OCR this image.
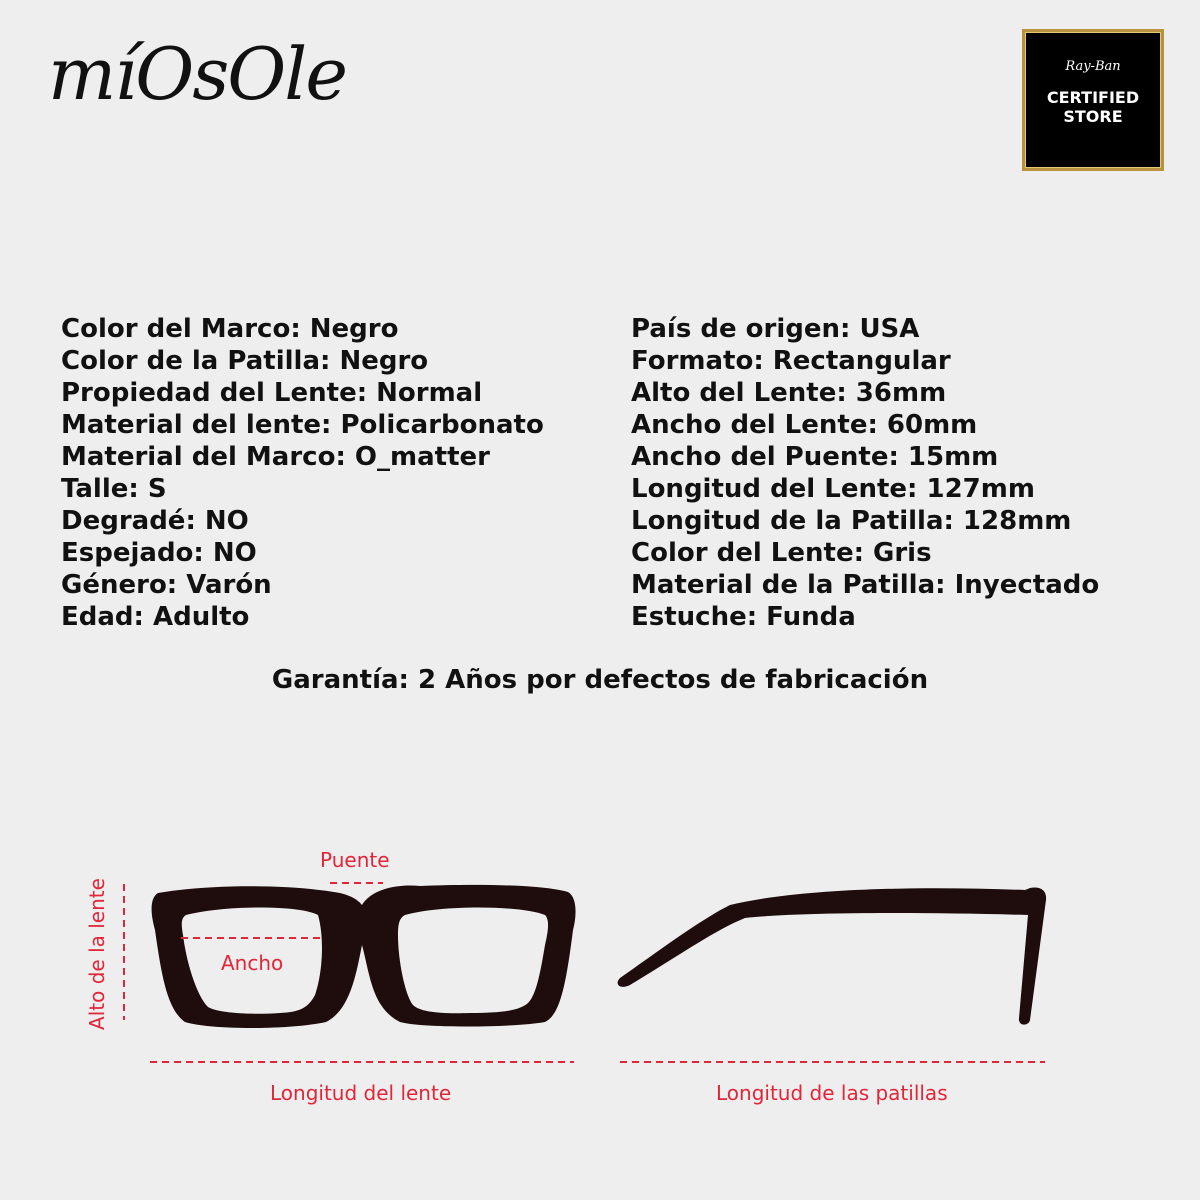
míOsOle	Ray-Ban
CERTIFIED
STORE
Color del Marco: Negro
Color de la Patilla: Negro
Propiedad del Lente: Normal
Material del lente: Policarbonato
Material del Marco: O_matter
Talle: S
Degradé: NO
Espejado: NO
Género: Varón
Edad: Adulto
País de origen: USA
Formato: Rectangular
Alto del Lente: 36mm
Ancho del Lente: 60mm
Ancho del Puente: 15mm
Longitud del Lente: 127mm
Longitud de la Patilla: 128mm
Color del Lente: Gris
Material de la Patilla: Inyectado
Estuche: Funda
Garantía: 2 Años por defectos de fabricación
Puente
Ancho
Alto de la lente
Longitud del lente	Longitud de las patillas
